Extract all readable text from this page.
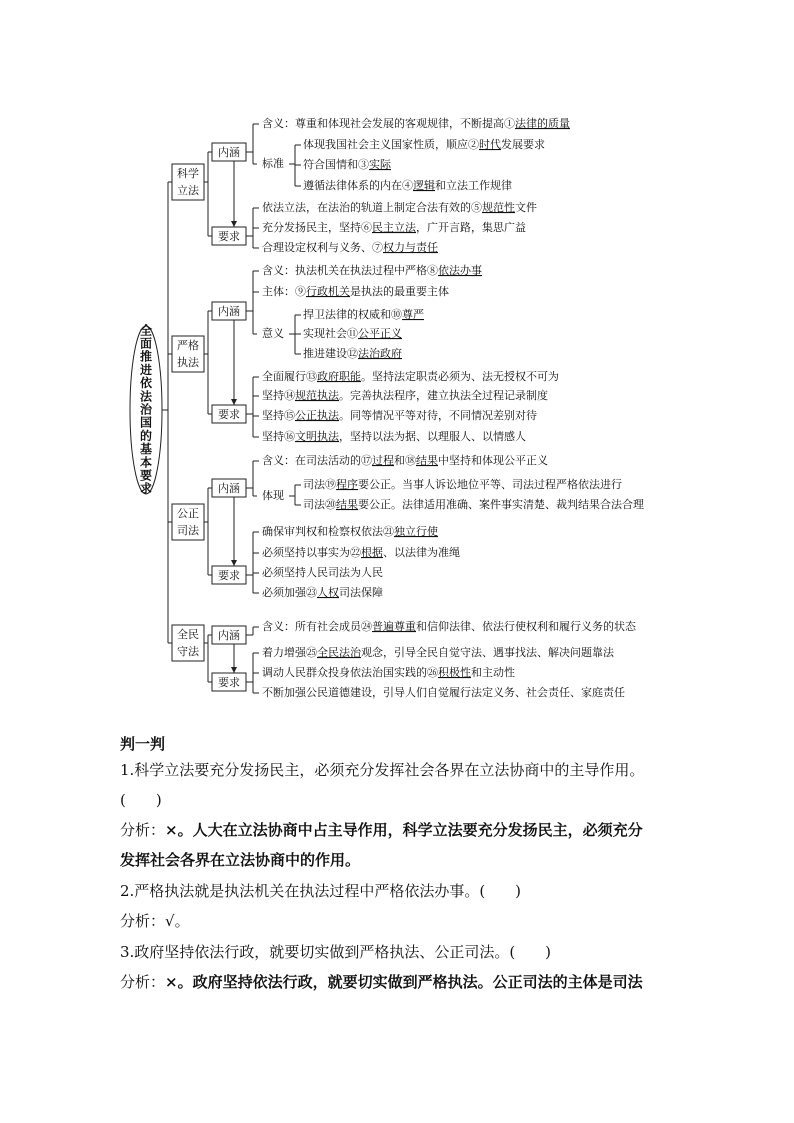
全
面
推
进
依
法
治
国
的
基
本
要
求
科学
立法
内涵
要求
含义：尊重和体现社会发展的客观规律，不断提高①法律的质量
标准
体现我国社会主义国家性质，顺应②时代发展要求
符合国情和③实际
遵循法律体系的内在④逻辑和立法工作规律
依法立法，在法治的轨道上制定合法有效的⑤规范性文件
充分发扬民主，坚持⑥民主立法，广开言路，集思广益
合理设定权利与义务、⑦权力与责任
严格
执法
内涵
要求
含义：执法机关在执法过程中严格⑧依法办事
主体：⑨行政机关是执法的最重要主体
意义
捍卫法律的权威和⑩尊严
实现社会⑪公平正义
推进建设⑫法治政府
全面履行⑬政府职能。坚持法定职责必须为、法无授权不可为
坚持⑭规范执法。完善执法程序，建立执法全过程记录制度
坚持⑮公正执法。同等情况平等对待，不同情况差别对待
坚持⑯文明执法，坚持以法为据、以理服人、以情感人
公正
司法
内涵
要求
含义：在司法活动的⑰过程和⑱结果中坚持和体现公平正义
体现
司法⑲程序要公正。当事人诉讼地位平等、司法过程严格依法进行
司法⑳结果要公正。法律适用准确、案件事实清楚、裁判结果合法合理
确保审判权和检察权依法㉑独立行使
必须坚持以事实为㉒根据、以法律为准绳
必须坚持人民司法为人民
必须加强㉓人权司法保障
全民
守法
内涵
要求
含义：所有社会成员㉔普遍尊重和信仰法律、依法行使权利和履行义务的状态
着力增强㉕全民法治观念，引导全民自觉守法、遇事找法、解决问题靠法
调动人民群众投身依法治国实践的㉖积极性和主动性
不断加强公民道德建设，引导人们自觉履行法定义务、社会责任、家庭责任
判一判
1.科学立法要充分发扬民主，必须充分发挥社会各界在立法协商中的主导作用。
(　　)
分析：×。人大在立法协商中占主导作用，科学立法要充分发扬民主，必须充分
发挥社会各界在立法协商中的作用。
2.严格执法就是执法机关在执法过程中严格依法办事。(　　)
分析：√。
3.政府坚持依法行政，就要切实做到严格执法、公正司法。(　　)
分析：×。政府坚持依法行政，就要切实做到严格执法。公正司法的主体是司法
